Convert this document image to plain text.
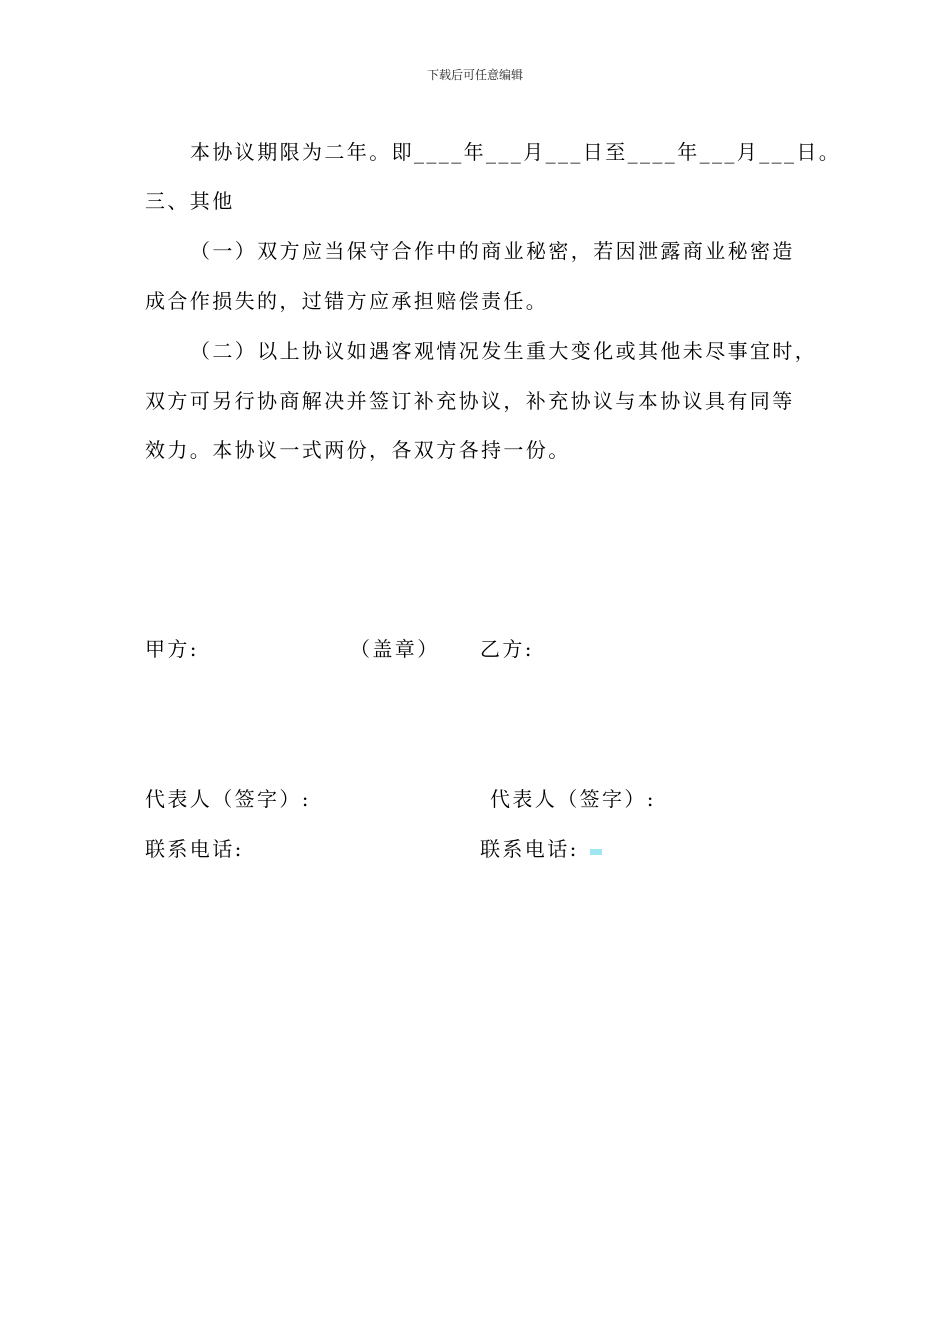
下载后可任意编辑
本协议期限为二年。即____年___月___日至____年___月___日。
三、其他
（一）双方应当保守合作中的商业秘密，若因泄露商业秘密造
成合作损失的，过错方应承担赔偿责任。
（二）以上协议如遇客观情况发生重大变化或其他未尽事宜时，
双方可另行协商解决并签订补充协议，补充协议与本协议具有同等
效力。本协议一式两份，各双方各持一份。
甲方:	（盖章） 乙方:
代表人（签字）:	代表人（签字）:
联系电话:	联系电话:
